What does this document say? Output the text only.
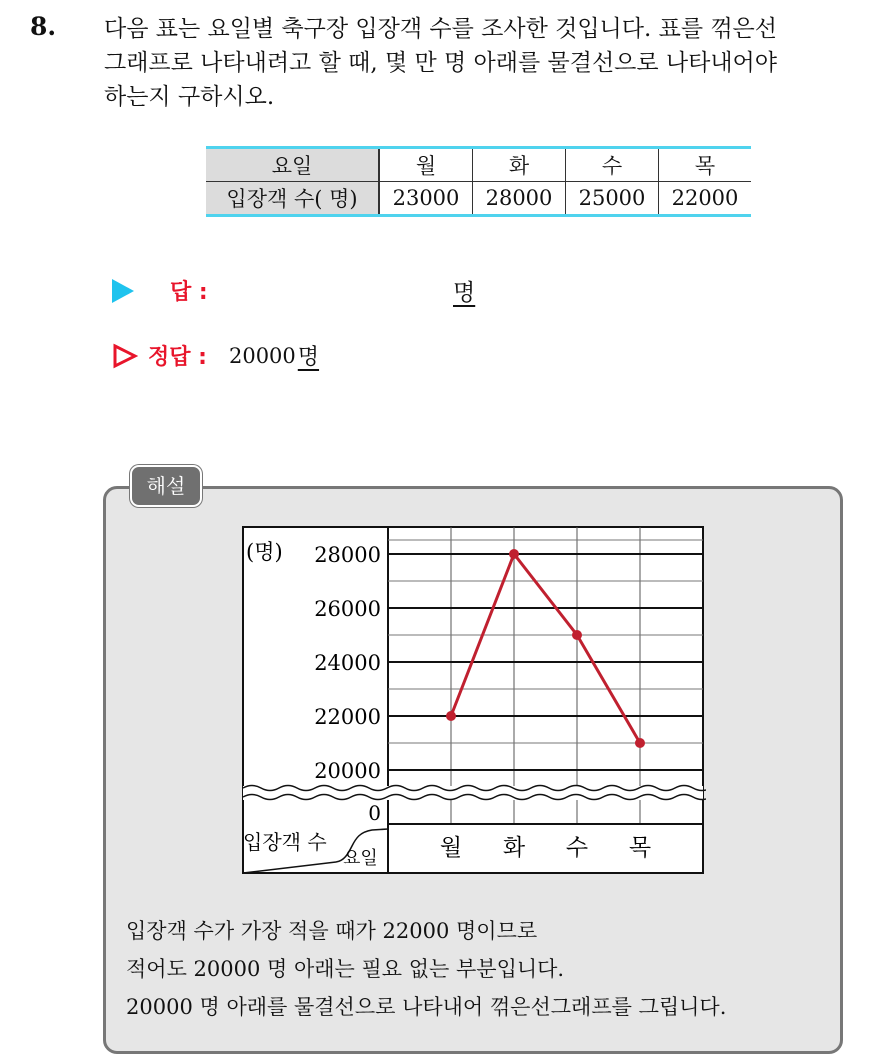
8. 다음 표는 요일별 축구장 입장객 수를 조사한 것입니다. 표를 꺾은선
그래프로 나타내려고 할 때, 몇 만 명 아래를 물결선으로 나타내어야
하는지 구하시오.
요일	월	화	수	목
입장객 수( 명)	23000	28000	25000	22000
답 :	명
정답 : 20000 명
해설
28000
26000
24000
22000
20000
(명)
0
입장객 수
요일	월 화 수 목
입장객 수가 가장 적을 때가 22000 명이므로
적어도 20000 명 아래는 필요 없는 부분입니다.
20000 명 아래를 물결선으로 나타내어 꺾은선그래프를 그립니다.
